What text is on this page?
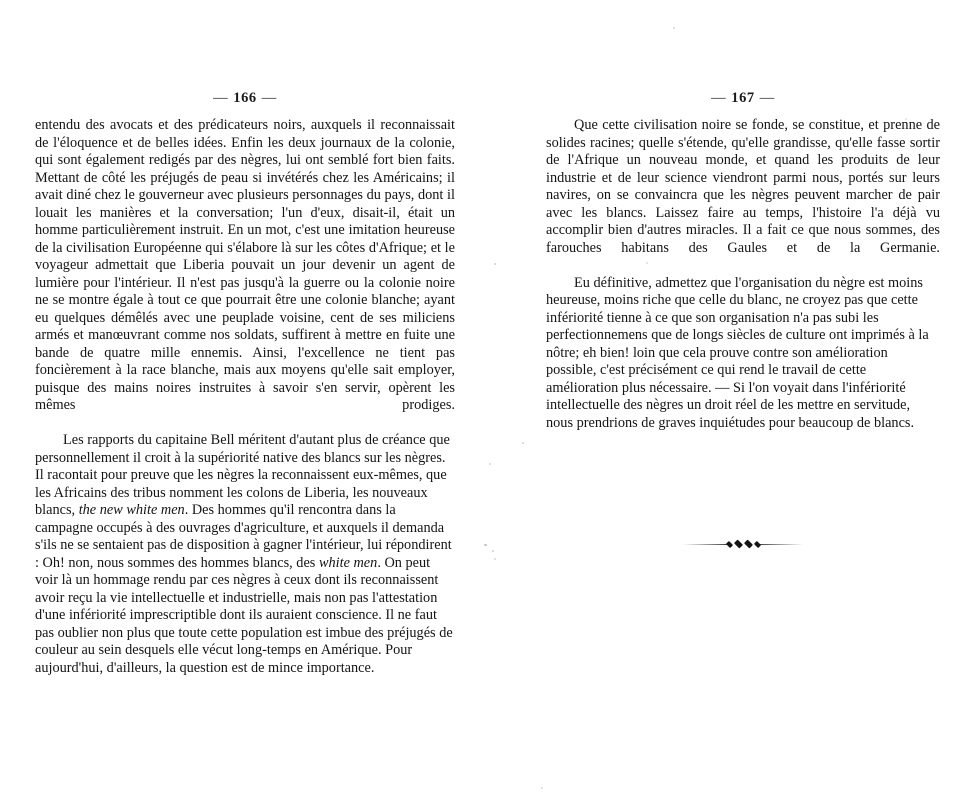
— 166 —

entendu des avocats et des prédicateurs noirs, auxquels il reconnaissait de l'éloquence et de belles idées. Enfin les deux journaux de la colonie, qui sont également redigés par des nègres, lui ont semblé fort bien faits. Mettant de côté les préjugés de peau si invétérés chez les Américains; il avait diné chez le gouverneur avec plusieurs personnages du pays, dont il louait les manières et la conversation; l'un d'eux, disait-il, était un homme particulièrement instruit. En un mot, c'est une imitation heureuse de la civilisation Européenne qui s'élabore là sur les côtes d'Afrique; et le voyageur admettait que Liberia pouvait un jour devenir un agent de lumière pour l'intérieur. Il n'est pas jusqu'à la guerre ou la colonie noire ne se montre égale à tout ce que pourrait être une colonie blanche; ayant eu quelques démêlés avec une peuplade voisine, cent de ses miliciens armés et manœuvrant comme nos soldats, suffirent à mettre en fuite une bande de quatre mille ennemis. Ainsi, l'excellence ne tient pas foncièrement à la race blanche, mais aux moyens qu'elle sait employer, puisque des mains noires instruites à savoir s'en servir, opèrent les mêmes prodiges.

Les rapports du capitaine Bell méritent d'autant plus de créance que personnellement il croit à la supériorité native des blancs sur les nègres. Il racontait pour preuve que les nègres la reconnaissent eux-mêmes, que les Africains des tribus nomment les colons de Liberia, les nouveaux blancs, the new white men. Des hommes qu'il rencontra dans la campagne occupés à des ouvrages d'agriculture, et auxquels il demanda s'ils ne se sentaient pas de disposition à gagner l'intérieur, lui répondirent : Oh! non, nous sommes des hommes blancs, des white men. On peut voir là un hommage rendu par ces nègres à ceux dont ils reconnaissent avoir reçu la vie intellectuelle et industrielle, mais non pas l'attestation d'une infériorité imprescriptible dont ils auraient conscience. Il ne faut pas oublier non plus que toute cette population est imbue des préjugés de couleur au sein desquels elle vécut long-temps en Amérique. Pour aujourd'hui, d'ailleurs, la question est de mince importance.

— 167 —

Que cette civilisation noire se fonde, se constitue, et prenne de solides racines; quelle s'étende, qu'elle grandisse, qu'elle fasse sortir de l'Afrique un nouveau monde, et quand les produits de leur industrie et de leur science viendront parmi nous, portés sur leurs navires, on se convaincra que les nègres peuvent marcher de pair avec les blancs. Laissez faire au temps, l'histoire l'a déjà vu accomplir bien d'autres miracles. Il a fait ce que nous sommes, des farouches habitans des Gaules et de la Germanie.

Eu définitive, admettez que l'organisation du nègre est moins heureuse, moins riche que celle du blanc, ne croyez pas que cette infériorité tienne à ce que son organisation n'a pas subi les perfectionnemens que de longs siècles de culture ont imprimés à la nôtre; eh bien! loin que cela prouve contre son amélioration possible, c'est précisément ce qui rend le travail de cette amélioration plus nécessaire. — Si l'on voyait dans l'infériorité intellectuelle des nègres un droit réel de les mettre en servitude, nous prendrions de graves inquiétudes pour beaucoup de blancs.
